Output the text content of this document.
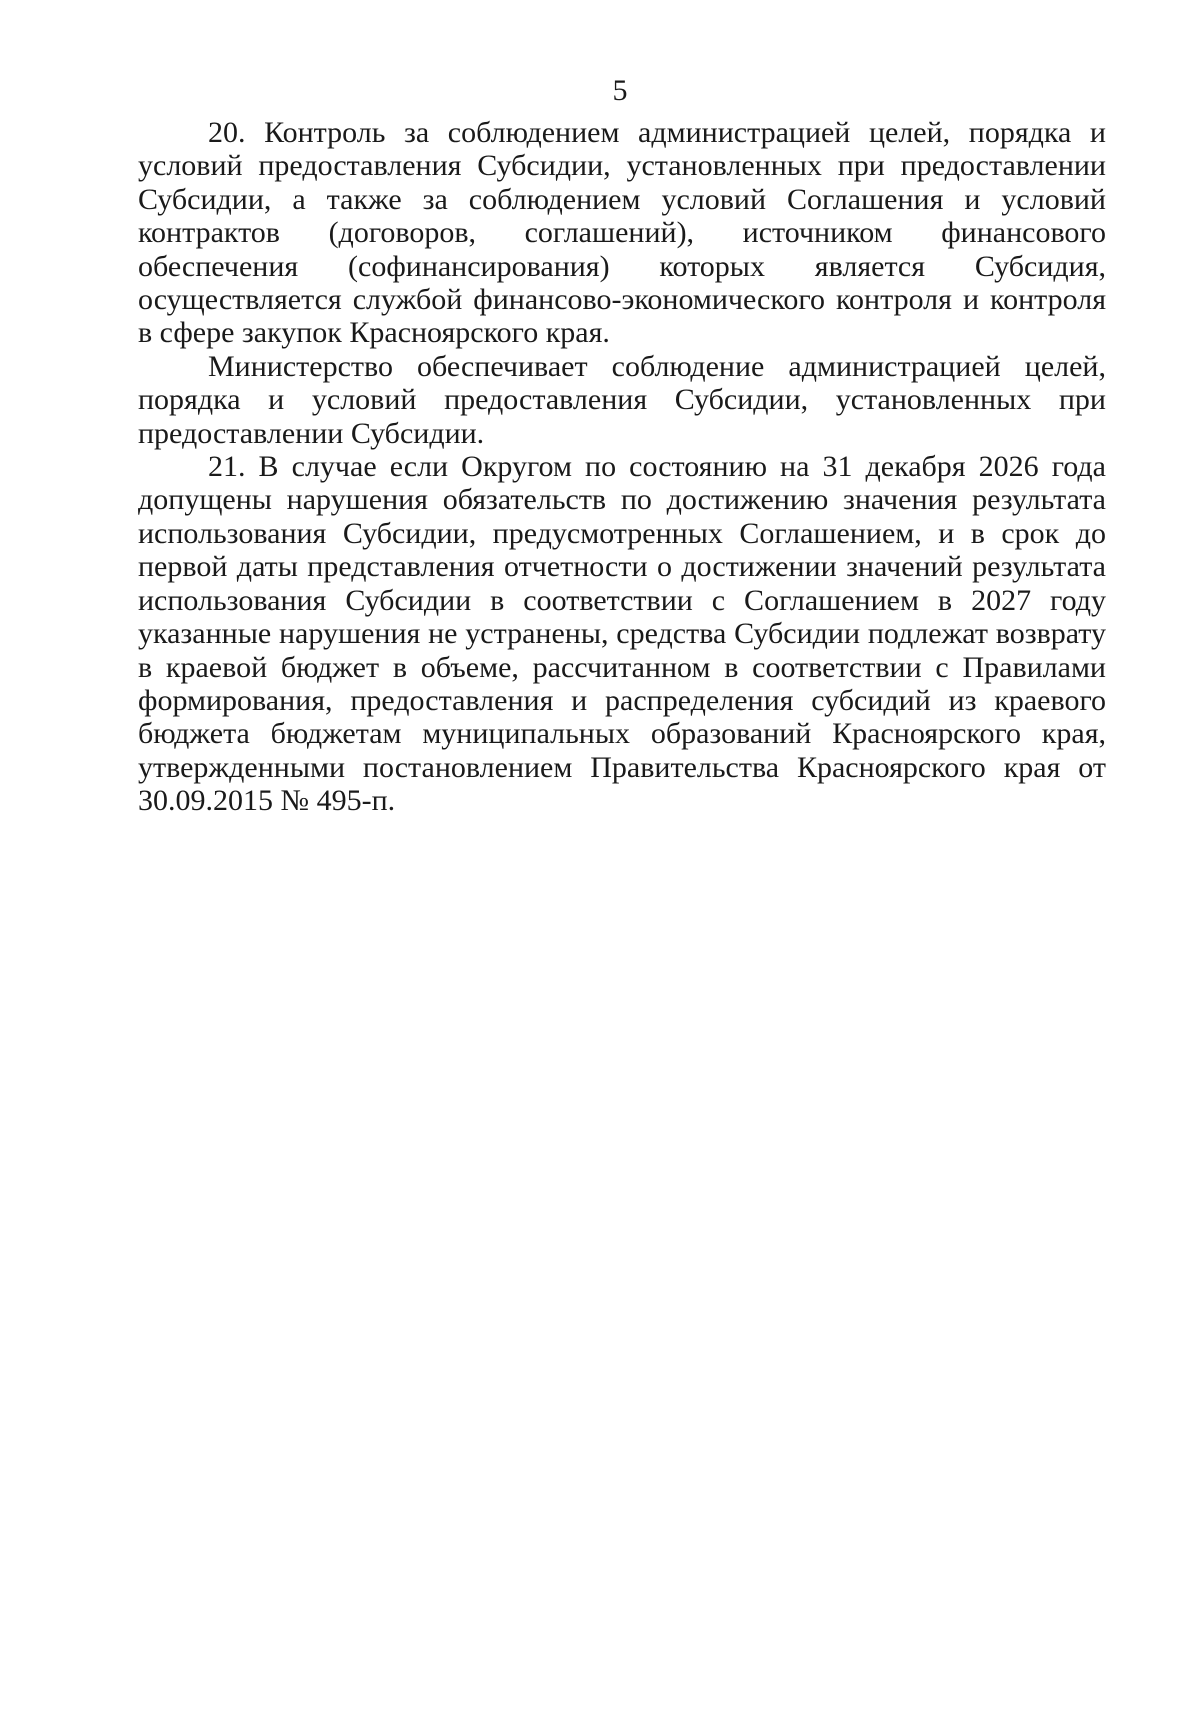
5

20. Контроль за соблюдением администрацией целей, порядка и условий предоставления Субсидии, установленных при предоставлении Субсидии, а также за соблюдением условий Соглашения и условий контрактов (договоров, соглашений), источником финансового обеспечения (софинансирования) которых является Субсидия, осуществляется службой финансово-экономического контроля и контроля в сфере закупок Красноярского края.

Министерство обеспечивает соблюдение администрацией целей, порядка и условий предоставления Субсидии, установленных при предоставлении Субсидии.

21. В случае если Округом по состоянию на 31 декабря 2026 года допущены нарушения обязательств по достижению значения результата использования Субсидии, предусмотренных Соглашением, и в срок до первой даты представления отчетности о достижении значений результата использования Субсидии в соответствии с Соглашением в 2027 году указанные нарушения не устранены, средства Субсидии подлежат возврату в краевой бюджет в объеме, рассчитанном в соответствии с Правилами формирования, предоставления и распределения субсидий из краевого бюджета бюджетам муниципальных образований Красноярского края, утвержденными постановлением Правительства Красноярского края от 30.09.2015 № 495-п.
